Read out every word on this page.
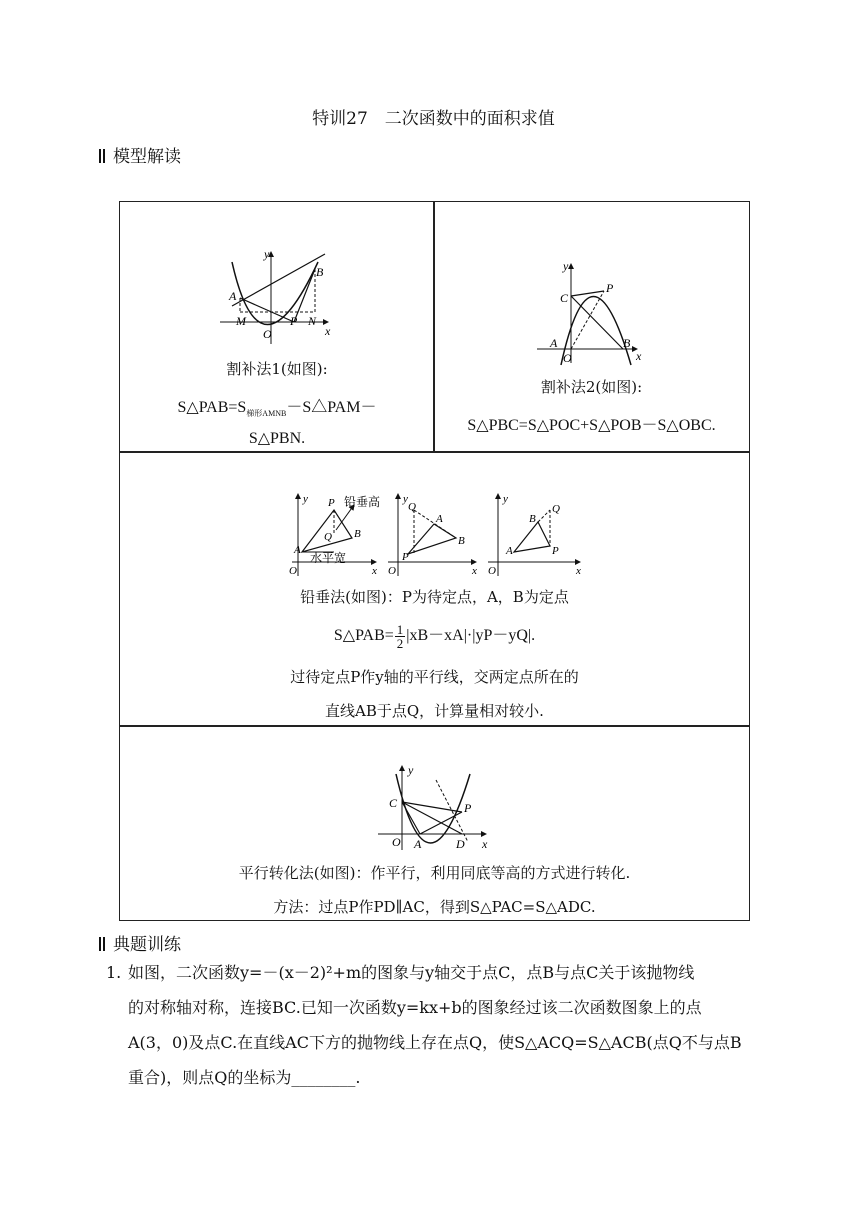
特训27　二次函数中的面积求值
模型解读
y
x
O
A
B
M	P N
割补法1(如图):
$S\triangle PAB=S_{梯形AMNB}-S\triangle PAM-$
S△PBN.
y
x
O
A	B
C
P
割补法2(如图):
S△PBC=S△POC+S△POB－S△OBC.
y
O
A
P
Q B
x
铅垂高
水平宽
y
O
Q
A
B
P
x
y
O
A
B
Q
P
x
铅垂法(如图)：P为待定点，A，B为定点
S△PAB= $\frac{1}{2}|xB-xA|\cdot|yP-yQ|$.
过待定点P作y轴的平行线，交两定点所在的
直线AB于点Q，计算量相对较小.
y
O A
C	P
D x
平行转化法(如图)：作平行，利用同底等高的方式进行转化.
方法：过点P作PD∥AC，得到S△PAC=S△ADC.
典题训练
1. 如图，二次函数y=－(x－2)²+m的图象与y轴交于点C，点B与点C关于该抛物线
的对称轴对称，连接BC.已知一次函数y=kx+b的图象经过该二次函数图象上的点
A(3，0)及点C.在直线AC下方的抛物线上存在点Q，使S△ACQ=S△ACB(点Q不与点B
重合)，则点Q的坐标为________.
